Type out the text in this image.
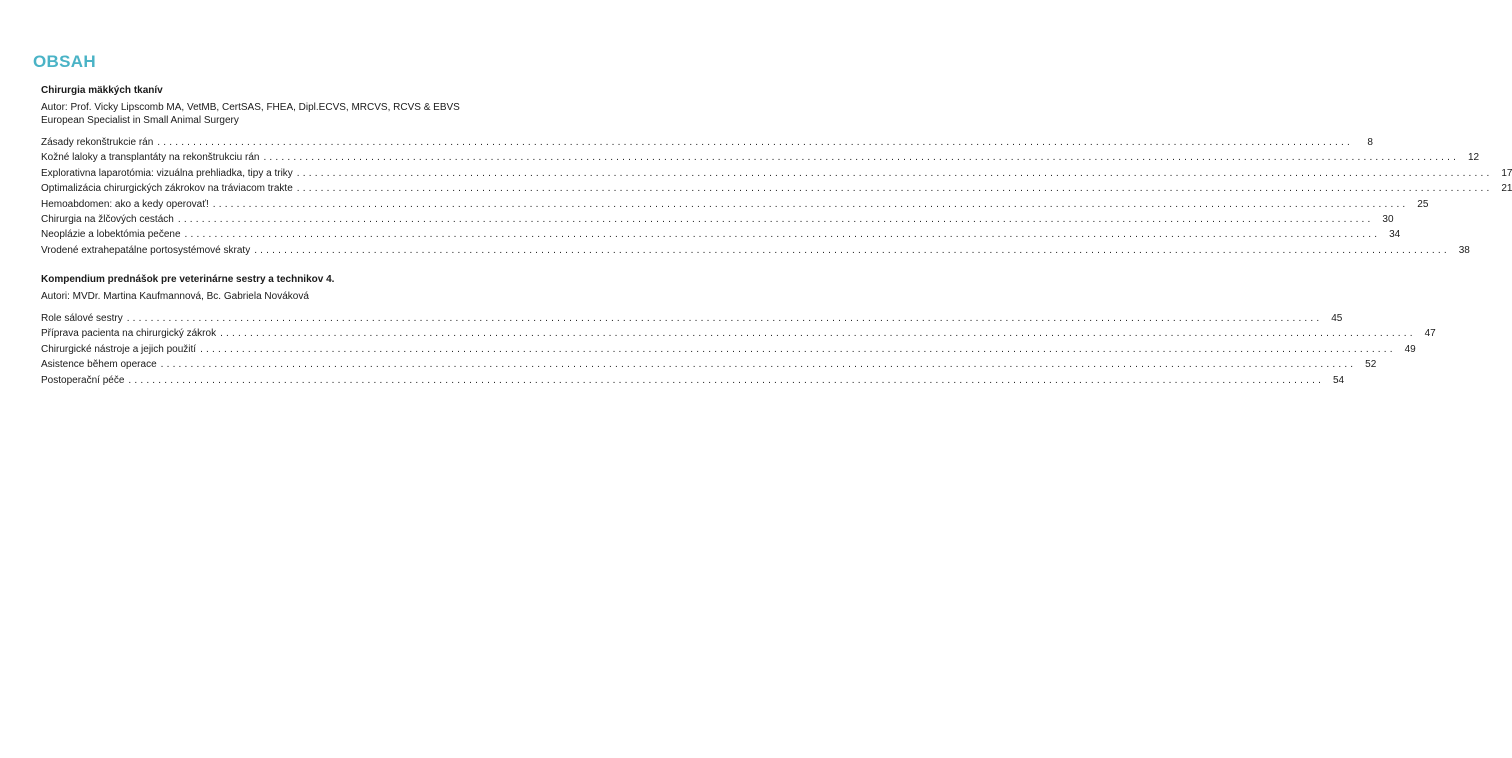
OBSAH

Chirurgia mäkkých tkanív

Autor: Prof. Vicky Lipscomb MA, VetMB, CertSAS, FHEA, Dipl.ECVS, MRCVS, RCVS & EBVS European Specialist in Small Animal Surgery

Zásady rekonštrukcie rán ........................................................................................................................................................................................................	8
Kožné laloky a transplantáty na rekonštrukciu rán ........................................................................................................................................................................................................ 12
Explorativna laparotómia: vizuálna prehliadka, tipy a triky ........................................................................................................................................................................................................ 17
Optimalizácia chirurgických zákrokov na tráviacom trakte ........................................................................................................................................................................................................ 21
Hemoabdomen: ako a kedy operovať! ........................................................................................................................................................................................................ 25
Chirurgia na žlčových cestách ........................................................................................................................................................................................................ 30
Neoplázie a lobektómia pečene ........................................................................................................................................................................................................ 34
Vrodené extrahepatálne portosystémové skraty ........................................................................................................................................................................................................ 38

Kompendium prednášok pre veterinárne sestry a technikov 4.

Autori: MVDr. Martina Kaufmannová, Bc. Gabriela Nováková

Role sálové sestry ........................................................................................................................................................................................................ 45
Příprava pacienta na chirurgický zákrok ........................................................................................................................................................................................................ 47
Chirurgické nástroje a jejich použití ........................................................................................................................................................................................................ 49
Asistence během operace ........................................................................................................................................................................................................ 52
Postoperační péče ........................................................................................................................................................................................................ 54
